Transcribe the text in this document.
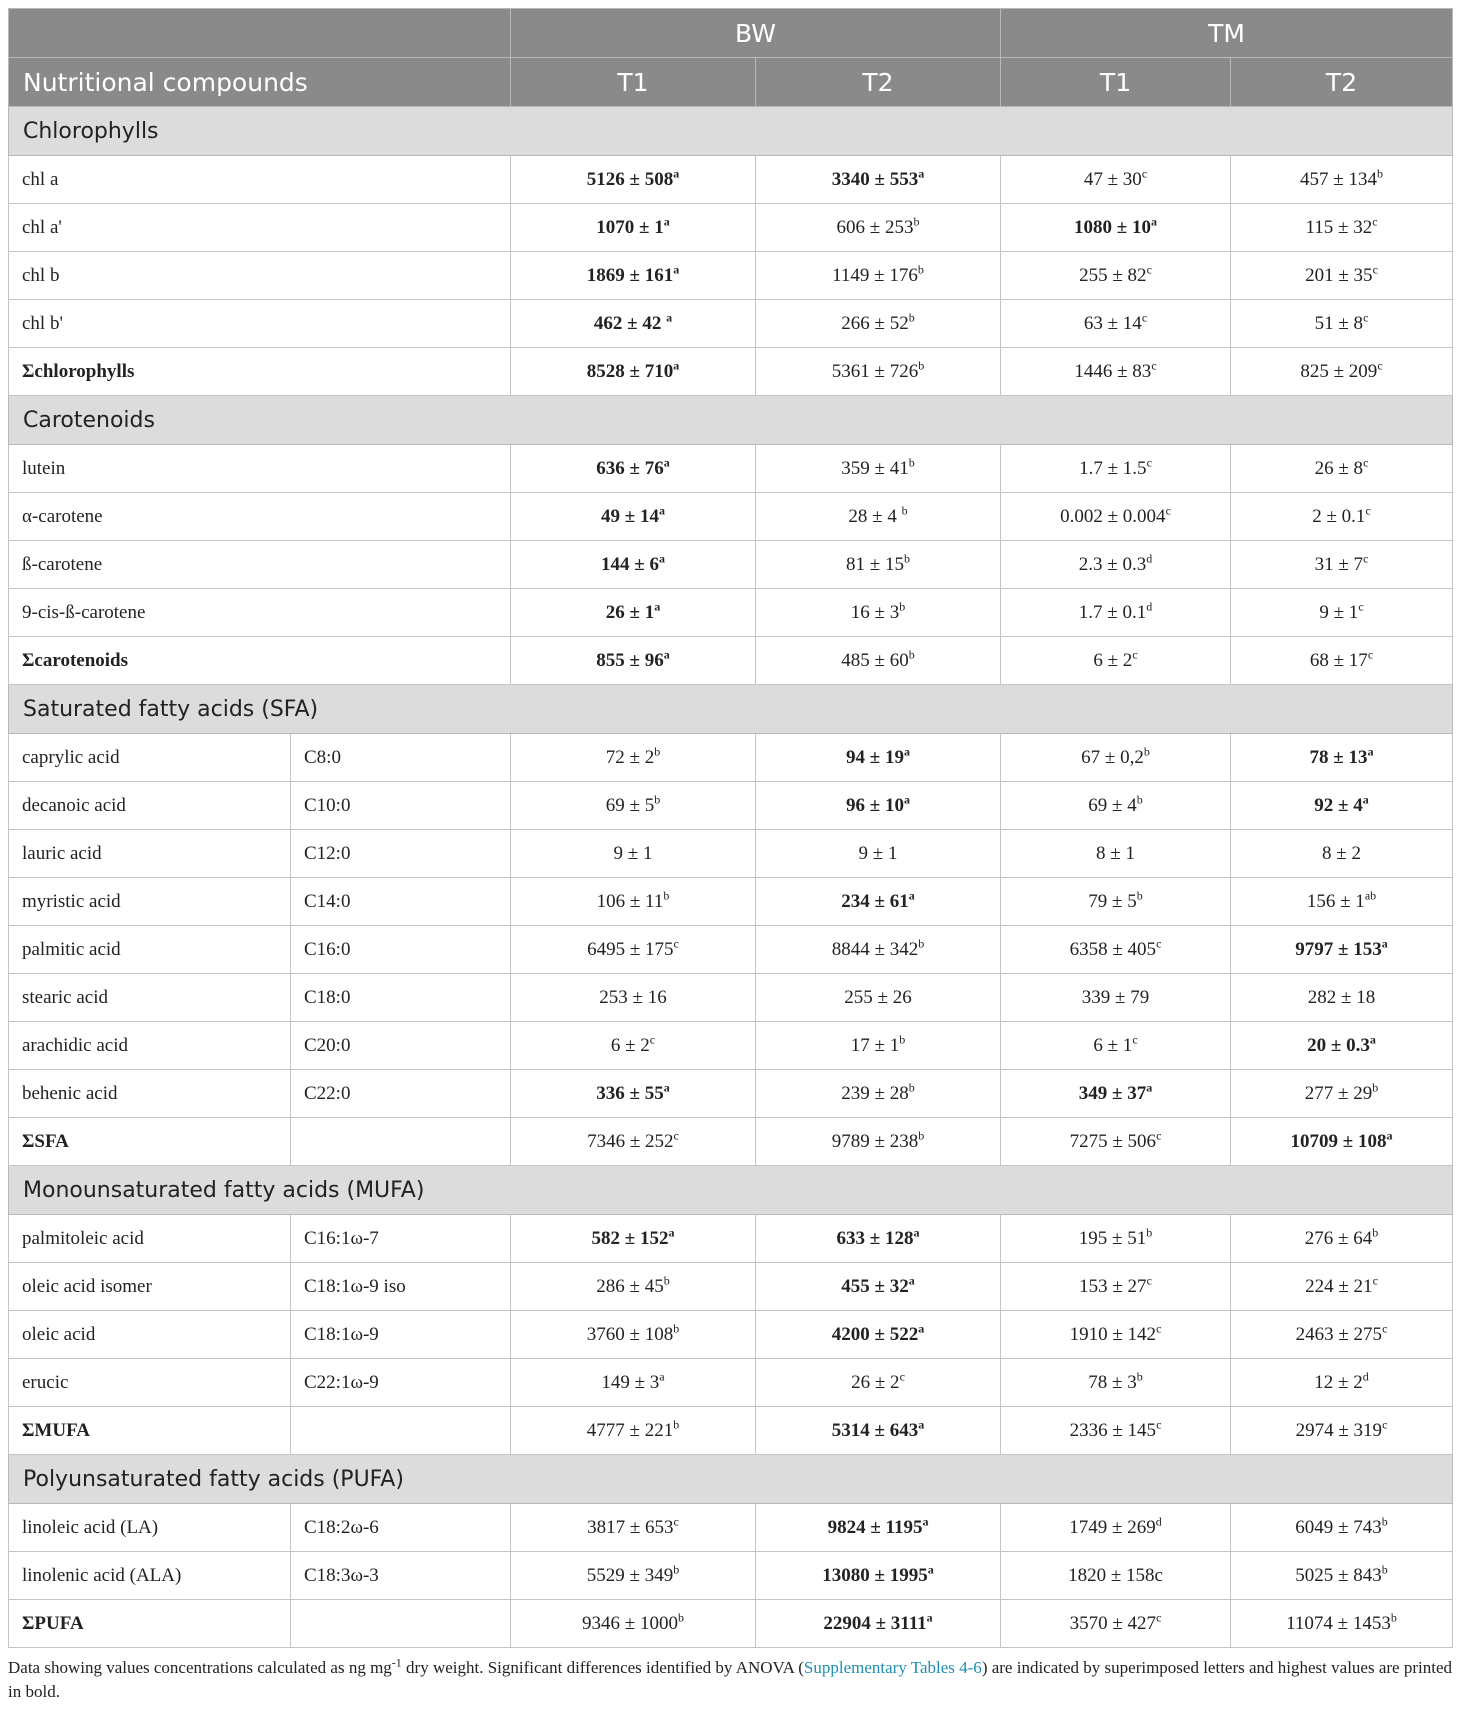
		BW		TM	
Nutritional compounds		T1	T2	T1	T2
Chlorophylls					
chl a		$5126 \pm 508^a$	$3340 \pm 553^a$	$47 \pm 30^c$	$457 \pm 134^b$
chl a'		$1070 \pm 1^a$	$606 \pm 253^b$	$1080 \pm 10^a$	$115 \pm 32^c$
chl b		$1869 \pm 161^a$	$1149 \pm 176^b$	$255 \pm 82^c$	$201 \pm 35^c$
chl b'		462 ± 42 $^a$	$266 \pm 52^b$	$63 \pm 14^c$	$51 \pm 8^c$
Σchlorophylls		$8528 \pm 710^a$	$5361 \pm 726^b$	$1446 \pm 83^c$	$825 \pm 209^c$
Carotenoids					
lutein		$636 \pm 76^a$	$359 \pm 41^b$	1.7 ± 1.5$^c$	$26 \pm 8^c$
α-carotene		$49 \pm 14^a$	28 ± 4 $^b$	0.002 ± 0.004$^c$	2 ± 0.1$^c$
ß-carotene		$144 \pm 6^a$	$81 \pm 15^b$	2.3 ± 0.3$^d$	$31 \pm 7^c$
9-cis-ß-carotene		$26 \pm 1^a$	$16 \pm 3^b$	1.7 ± 0.1$^d$	$9 \pm 1^c$
Σcarotenoids		$855 \pm 96^a$	$485 \pm 60^b$	$6 \pm 2^c$	$68 \pm 17^c$
Saturated fatty acids (SFA)					
caprylic acid	C8:0	$72 \pm 2^b$	$94 \pm 19^a$	67 ± 0,2$^b$	$78 \pm 13^a$
decanoic acid	C10:0	$69 \pm 5^b$	$96 \pm 10^a$	$69 \pm 4^b$	$92 \pm 4^a$
lauric acid	C12:0	9 ± 1	9 ± 1	8 ± 1	8 ± 2
myristic acid	C14:0	$106 \pm 11^b$	$234 \pm 61^a$	$79 \pm 5^b$	$156 \pm 1^{ab}$
palmitic acid	C16:0	$6495 \pm 175^c$	$8844 \pm 342^b$	$6358 \pm 405^c$	$9797 \pm 153^a$
stearic acid	C18:0	253 ± 16	255 ± 26	339 ± 79	282 ± 18
arachidic acid	C20:0	$6 \pm 2^c$	$17 \pm 1^b$	$6 \pm 1^c$	20 ± 0.3$^a$
behenic acid	C22:0	$336 \pm 55^a$	$239 \pm 28^b$	$349 \pm 37^a$	$277 \pm 29^b$
ΣSFA		$7346 \pm 252^c$	$9789 \pm 238^b$	$7275 \pm 506^c$	$10709 \pm 108^a$
Monounsaturated fatty acids (MUFA)					
palmitoleic acid	C16:1ω-7	$582 \pm 152^a$	$633 \pm 128^a$	$195 \pm 51^b$	$276 \pm 64^b$
oleic acid isomer	C18:1ω-9 iso	$286 \pm 45^b$	$455 \pm 32^a$	$153 \pm 27^c$	$224 \pm 21^c$
oleic acid	C18:1ω-9	$3760 \pm 108^b$	$4200 \pm 522^a$	$1910 \pm 142^c$	$2463 \pm 275^c$
erucic	C22:1ω-9	$149 \pm 3^a$	$26 \pm 2^c$	$78 \pm 3^b$	$12 \pm 2^d$
ΣMUFA		$4777 \pm 221^b$	$5314 \pm 643^a$	$2336 \pm 145^c$	$2974 \pm 319^c$
Polyunsaturated fatty acids (PUFA)					
linoleic acid (LA)	C18:2ω-6	$3817 \pm 653^c$	$9824 \pm 1195^a$	$1749 \pm 269^d$	$6049 \pm 743^b$
linolenic acid (ALA)	C18:3ω-3	$5529 \pm 349^b$	$13080 \pm 1995^a$	1820 ± 158c	$5025 \pm 843^b$
ΣPUFA		$9346 \pm 1000^b$	$22904 \pm 3111^a$	$3570 \pm 427^c$	$11074 \pm 1453^b$
Data showing values concentrations calculated as ng $mg^{-1}$ dry weight. Significant differences identified by ANOVA (Supplementary Tables 4-6) are indicated by superimposed letters and highest values are printed in bold.
